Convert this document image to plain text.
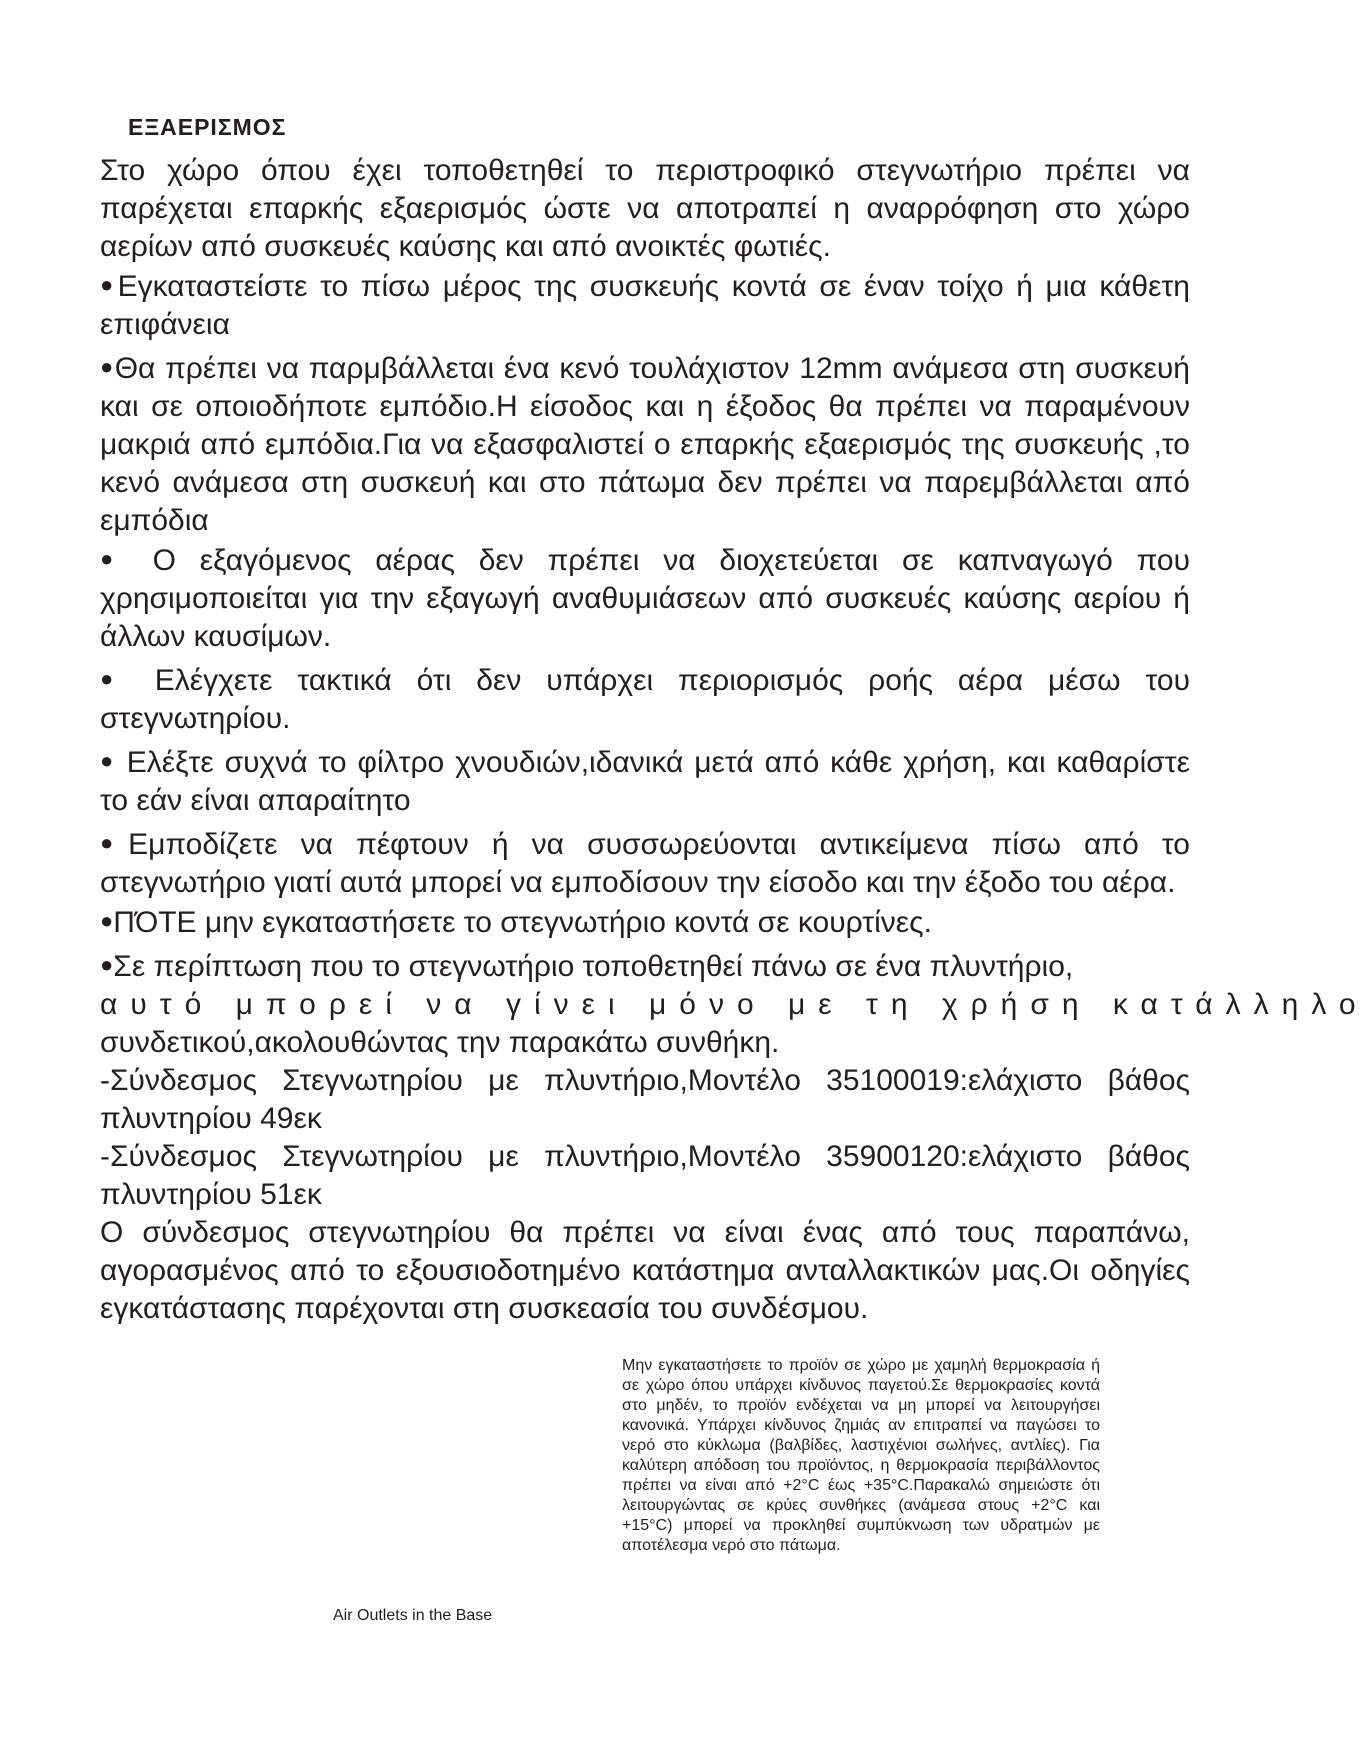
ΕΞΑΕΡΙΣΜΟΣ

Στο χώρο όπου έχει τοποθετηθεί το περιστροφικό στεγνωτήριο πρέπει να παρέχεται επαρκής εξαερισμός ώστε να αποτραπεί η αναρρόφηση στο χώρο αερίων από συσκευές καύσης και από ανοικτές φωτιές.

●Εγκαταστείστε το πίσω μέρος της συσκευής κοντά σε έναν τοίχο ή μια κάθετη επιφάνεια

●Θα πρέπει να παρμβάλλεται ένα κενό τουλάχιστον 12mm ανάμεσα στη συσκευή και σε οποιοδήποτε εμπόδιο.Η είσοδος και η έξοδος θα πρέπει να παραμένουν μακριά από εμπόδια.Για να εξασφαλιστεί ο επαρκής εξαερισμός της συσκευής ,το κενό ανάμεσα στη συσκευή και στο πάτωμα δεν πρέπει να παρεμβάλλεται από εμπόδια

● Ο εξαγόμενος αέρας δεν πρέπει να διοχετεύεται σε καπναγωγό που χρησιμοποιείται για την εξαγωγή αναθυμιάσεων από συσκευές καύσης αερίου ή άλλων καυσίμων.

● Ελέγχετε τακτικά ότι δεν υπάρχει περιορισμός ροής αέρα μέσω του στεγνωτηρίου.

● Ελέξτε συχνά το φίλτρο χνουδιών,ιδανικά μετά από κάθε χρήση, και καθαρίστε το εάν είναι απαραίτητο

●Εμποδίζετε να πέφτουν ή να συσσωρεύονται αντικείμενα πίσω από το στεγνωτήριο γιατί αυτά μπορεί να εμποδίσουν την είσοδο και την έξοδο του αέρα.

●ΠΌΤΕ μην εγκαταστήσετε το στεγνωτήριο κοντά σε κουρτίνες.

●Σε περίπτωση που το στεγνωτήριο τοποθετηθεί πάνω σε ένα πλυντήριο,

αυτό μπορεί να γίνει μόνο με τη χρήση κατάλληλο

συνδετικού,ακολουθώντας την παρακάτω συνθήκη.

-Σύνδεσμος Στεγνωτηρίου με πλυντήριο,Μοντέλο 35100019:ελάχιστο βάθος πλυντηρίου 49εκ

-Σύνδεσμος Στεγνωτηρίου με πλυντήριο,Μοντέλο 35900120:ελάχιστο βάθος πλυντηρίου 51εκ

Ο σύνδεσμος στεγνωτηρίου θα πρέπει να είναι ένας από τους παραπάνω, αγορασμένος από το εξουσιοδοτημένο κατάστημα ανταλλακτικών μας.Οι οδηγίες εγκατάστασης παρέχονται στη συσκεασία του συνδέσμου.

Μην εγκαταστήσετε το προϊόν σε χώρο με χαμηλή θερμοκρασία ή σε χώρο όπου υπάρχει κίνδυνος παγετού.Σε θερμοκρασίες κοντά στο μηδέν, το προϊόν ενδέχεται να μη μπορεί να λειτουργήσει κανονικά. Υπάρχει κίνδυνος ζημιάς αν επιτραπεί να παγώσει το νερό στο κύκλωμα (βαλβίδες, λαστιχένιοι σωλήνες, αντλίες). Για καλύτερη απόδοση του προϊόντος, η θερμοκρασία περιβάλλοντος πρέπει να είναι από +2°C έως +35°C.Παρακαλώ σημειώστε ότι λειτουργώντας σε κρύες συνθήκες (ανάμεσα στους +2°C και +15°C) μπορεί να προκληθεί συμπύκνωση των υδρατμών με αποτέλεσμα νερό στο πάτωμα.

Air Outlets in the Base
